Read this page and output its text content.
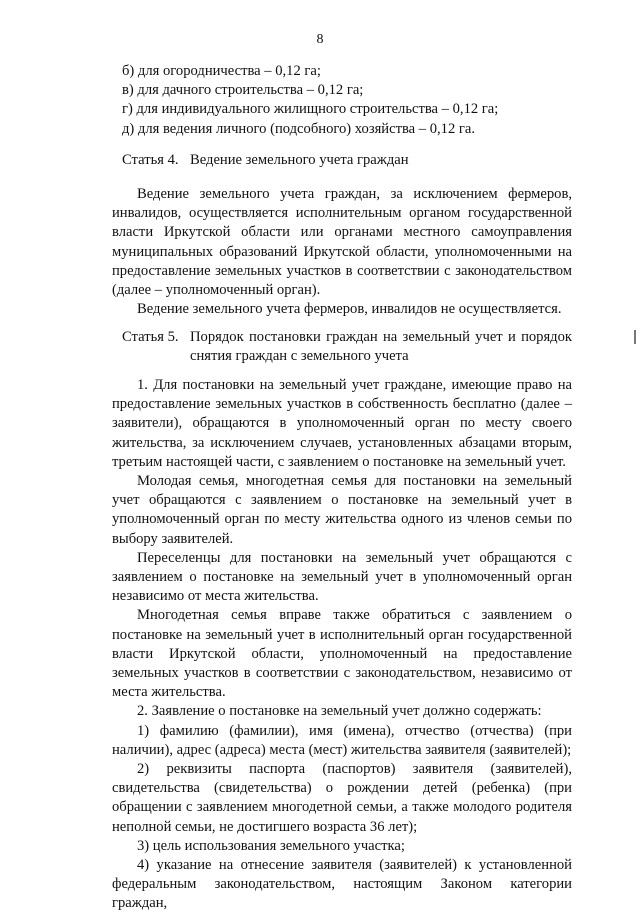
8

б) для огородничества – 0,12 га;

в) для дачного строительства – 0,12 га;

г) для индивидуального жилищного строительства – 0,12 га;

д) для ведения личного (подсобного) хозяйства – 0,12 га.

Статья 4. Ведение земельного учета граждан

Ведение земельного учета граждан, за исключением фермеров, инвалидов, осуществляется исполнительным органом государственной власти Иркутской области или органами местного самоуправления муниципальных образований Иркутской области, уполномоченными на предоставление земельных участков в соответствии с законодательством (далее – уполномоченный орган).

Ведение земельного учета фермеров, инвалидов не осуществляется.

Статья 5. Порядок постановки граждан на земельный учет и порядок снятия граждан с земельного учета

1. Для постановки на земельный учет граждане, имеющие право на предоставление земельных участков в собственность бесплатно (далее – заявители), обращаются в уполномоченный орган по месту своего жительства, за исключением случаев, установленных абзацами вторым, третьим настоящей части, с заявлением о постановке на земельный учет.

Молодая семья, многодетная семья для постановки на земельный учет обращаются с заявлением о постановке на земельный учет в уполномоченный орган по месту жительства одного из членов семьи по выбору заявителей.

Переселенцы для постановки на земельный учет обращаются с заявлением о постановке на земельный учет в уполномоченный орган независимо от места жительства.

Многодетная семья вправе также обратиться с заявлением о постановке на земельный учет в исполнительный орган государственной власти Иркутской области, уполномоченный на предоставление земельных участков в соответствии с законодательством, независимо от места жительства.

2. Заявление о постановке на земельный учет должно содержать:

1) фамилию (фамилии), имя (имена), отчество (отчества) (при наличии), адрес (адреса) места (мест) жительства заявителя (заявителей);

2) реквизиты паспорта (паспортов) заявителя (заявителей), свидетельства (свидетельства) о рождении детей (ребенка) (при обращении с заявлением многодетной семьи, а также молодого родителя неполной семьи, не достигшего возраста 36 лет);

3) цель использования земельного участка;

4) указание на отнесение заявителя (заявителей) к установленной федеральным законодательством, настоящим Законом категории граждан,
